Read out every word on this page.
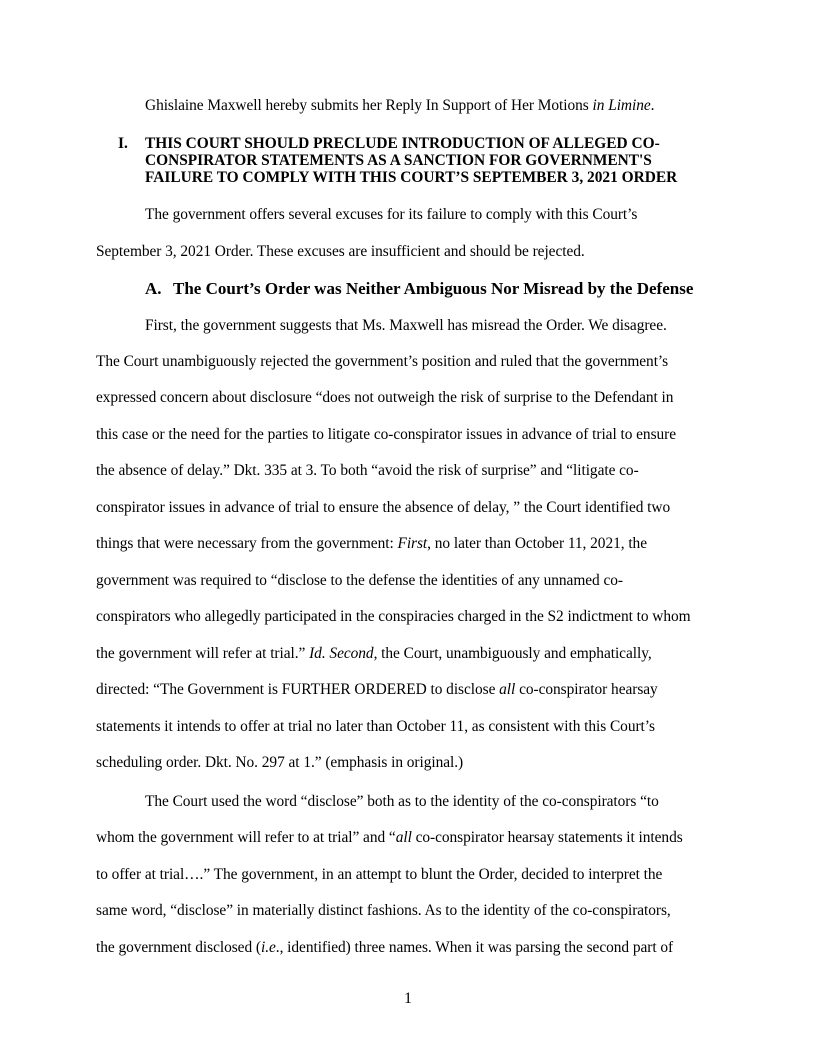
Ghislaine Maxwell hereby submits her Reply In Support of Her Motions in Limine.

I. THIS COURT SHOULD PRECLUDE INTRODUCTION OF ALLEGED CO-
CONSPIRATOR STATEMENTS AS A SANCTION FOR GOVERNMENT'S
FAILURE TO COMPLY WITH THIS COURT’S SEPTEMBER 3, 2021 ORDER

The government offers several excuses for its failure to comply with this Court’s

September 3, 2021 Order. These excuses are insufficient and should be rejected.

A. The Court’s Order was Neither Ambiguous Nor Misread by the Defense

First, the government suggests that Ms. Maxwell has misread the Order. We disagree.

The Court unambiguously rejected the government’s position and ruled that the government’s

expressed concern about disclosure “does not outweigh the risk of surprise to the Defendant in

this case or the need for the parties to litigate co-conspirator issues in advance of trial to ensure

the absence of delay.” Dkt. 335 at 3. To both “avoid the risk of surprise” and “litigate co-

conspirator issues in advance of trial to ensure the absence of delay, ” the Court identified two

things that were necessary from the government: First, no later than October 11, 2021, the

government was required to “disclose to the defense the identities of any unnamed co-

conspirators who allegedly participated in the conspiracies charged in the S2 indictment to whom

the government will refer at trial.” Id. Second, the Court, unambiguously and emphatically,

directed: “The Government is FURTHER ORDERED to disclose all co-conspirator hearsay

statements it intends to offer at trial no later than October 11, as consistent with this Court’s

scheduling order. Dkt. No. 297 at 1.” (emphasis in original.)

The Court used the word “disclose” both as to the identity of the co-conspirators “to

whom the government will refer to at trial” and “all co-conspirator hearsay statements it intends

to offer at trial….” The government, in an attempt to blunt the Order, decided to interpret the

same word, “disclose” in materially distinct fashions. As to the identity of the co-conspirators,

the government disclosed (i.e., identified) three names. When it was parsing the second part of

1
